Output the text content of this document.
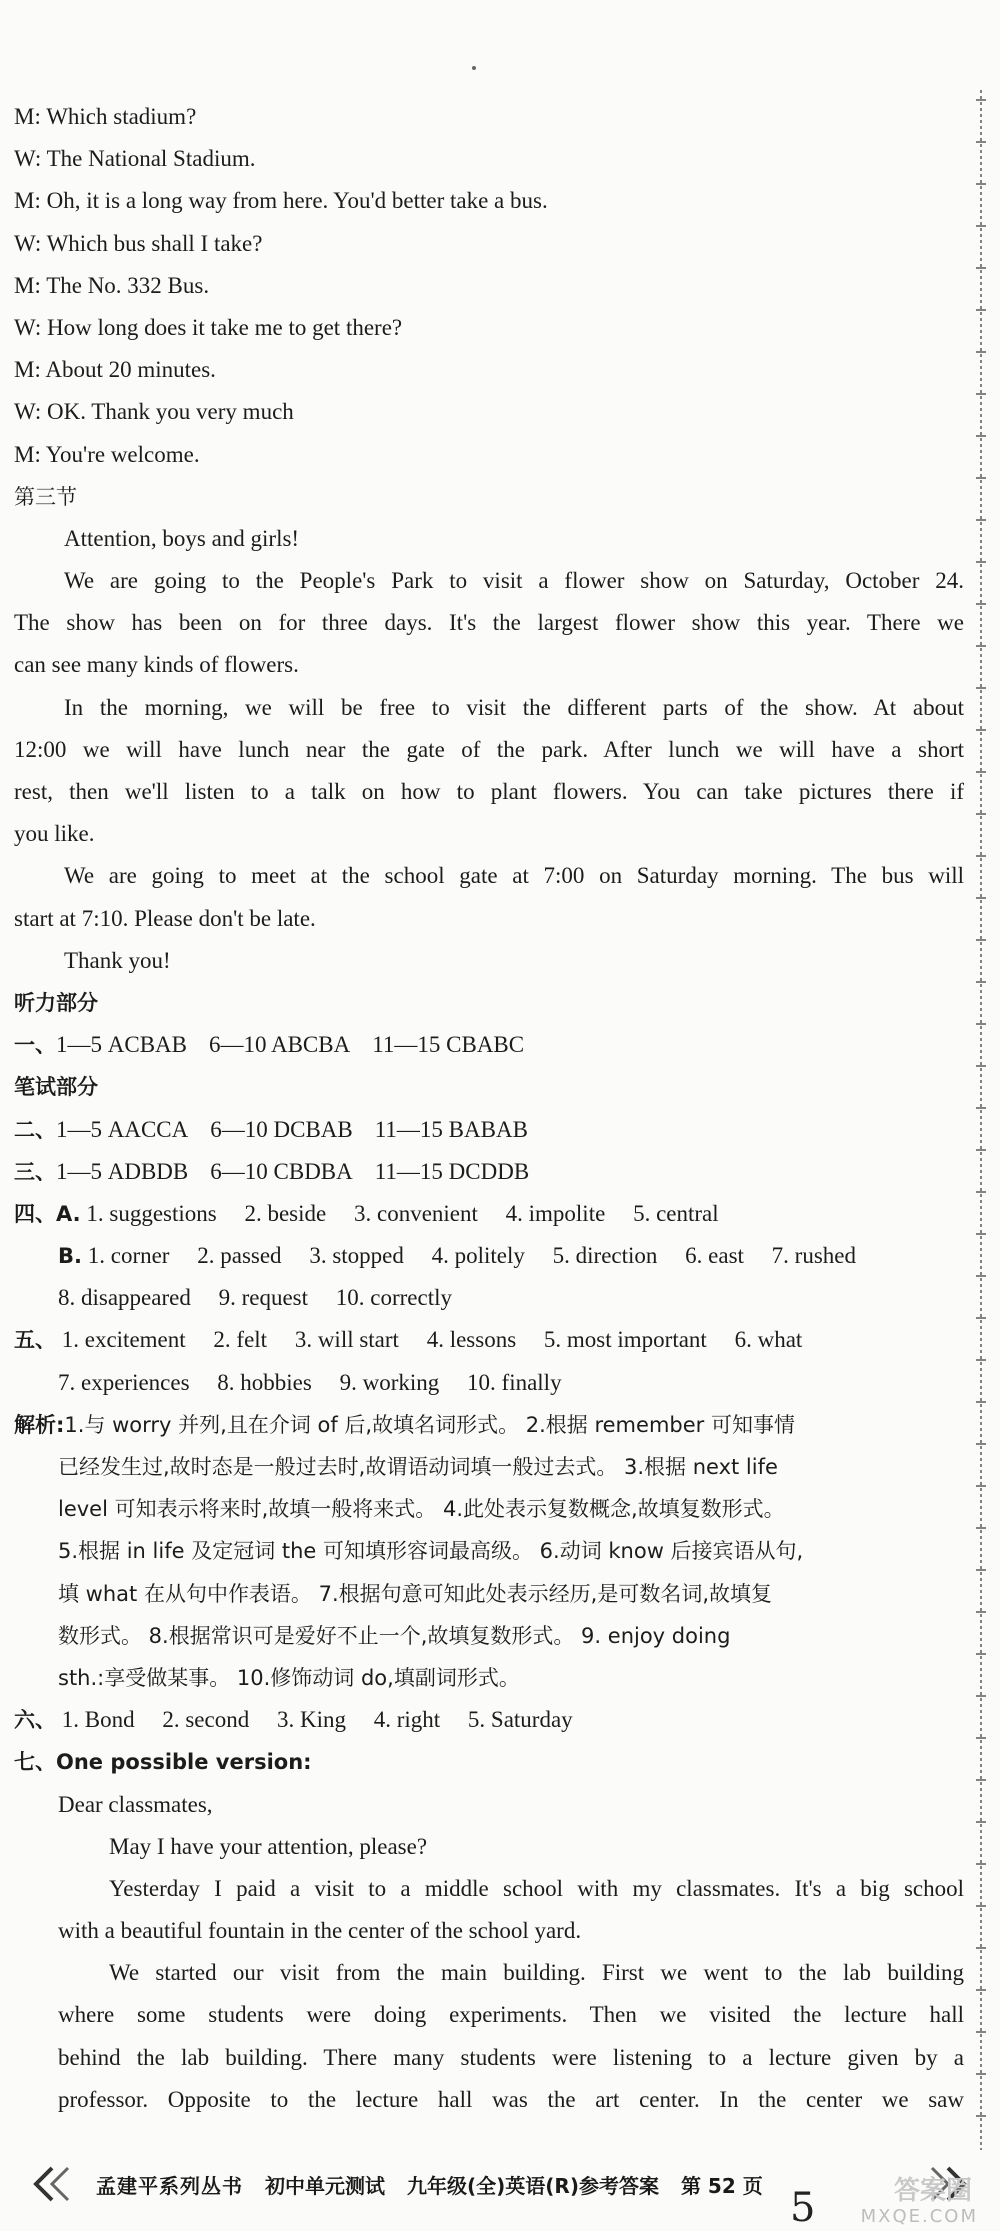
M: Which stadium?
W: The National Stadium.
M: Oh, it is a long way from here. You'd better take a bus.
W: Which bus shall I take?
M: The No. 332 Bus.
W: How long does it take me to get there?
M: About 20 minutes.
W: OK. Thank you very much
M: You're welcome.
第三节
Attention, boys and girls!
We are going to the People's Park to visit a flower show on Saturday, October 24.
The show has been on for three days. It's the largest flower show this year. There we
can see many kinds of flowers.
In the morning, we will be free to visit the different parts of the show. At about
12:00 we will have lunch near the gate of the park. After lunch we will have a short
rest, then we'll listen to a talk on how to plant flowers. You can take pictures there if
you like.
We are going to meet at the school gate at 7:00 on Saturday morning. The bus will
start at 7:10. Please don't be late.
Thank you!
听力部分
一、1—5 ACBAB 6—10 ABCBA 11—15 CBABC
笔试部分
二、1—5 AACCA 6—10 DCBAB 11—15 BABAB
三、1—5 ADBDB 6—10 CBDBA 11—15 DCDDB
四、A. 1. suggestions 2. beside 3. convenient 4. impolite 5. central
B. 1. corner 2. passed 3. stopped 4. politely 5. direction 6. east 7. rushed
8. disappeared 9. request 10. correctly
五、 1. excitement 2. felt 3. will start 4. lessons 5. most important 6. what
7. experiences 8. hobbies 9. working 10. finally
解析:1.与 worry 并列,且在介词 of 后,故填名词形式。 2.根据 remember 可知事情
已经发生过,故时态是一般过去时,故谓语动词填一般过去式。 3.根据 next life
level 可知表示将来时,故填一般将来式。 4.此处表示复数概念,故填复数形式。
5.根据 in life 及定冠词 the 可知填形容词最高级。 6.动词 know 后接宾语从句,
填 what 在从句中作表语。 7.根据句意可知此处表示经历,是可数名词,故填复
数形式。 8.根据常识可是爱好不止一个,故填复数形式。 9. enjoy doing
sth.:享受做某事。 10.修饰动词 do,填副词形式。
六、 1. Bond 2. second 3. King 4. right 5. Saturday
七、One possible version:
Dear classmates,
May I have your attention, please?
Yesterday I paid a visit to a middle school with my classmates. It's a big school
with a beautiful fountain in the center of the school yard.
We started our visit from the main building. First we went to the lab building
where some students were doing experiments. Then we visited the lecture hall
behind the lab building. There many students were listening to a lecture given by a
professor. Opposite to the lecture hall was the art center. In the center we saw
孟建平系列丛书 初中单元测试 九年级(全)英语(R)参考答案 第 52 页 5	答案圈
MXQE.COM
